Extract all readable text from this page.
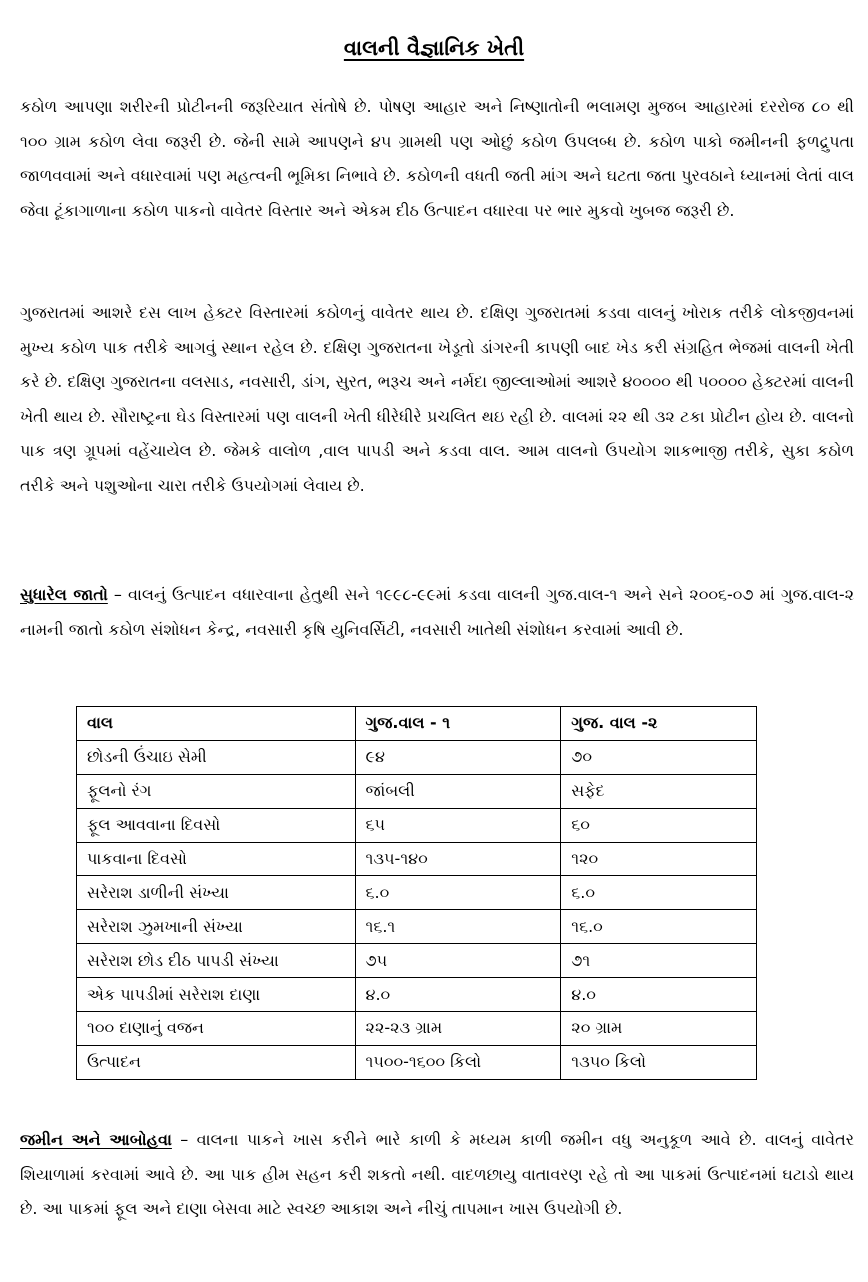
વાલની વૈજ્ઞાનિક ખેતી

કઠોળ આપણા શરીરની પ્રોટીનની જરૂરિયાત સંતોષે છે. પોષણ આહાર અને નિષ્ણાતોની ભલામણ મુજબ આહારમાં દરરોજ ૮૦ થી ૧૦૦ ગ્રામ કઠોળ લેવા જરૂરી છે. જેની સામે આપણને ૪૫ ગ્રામથી પણ ઓછું કઠોળ ઉપલબ્ધ છે. કઠોળ પાકો જમીનની ફળદ્રુપતા જાળવવામાં અને વધારવામાં પણ મહત્વની ભૂમિકા નિભાવે છે. કઠોળની વધતી જતી માંગ અને ઘટતા જતા પુરવઠાને ધ્યાનમાં લેતાં વાલ જેવા ટૂંકાગાળાના કઠોળ પાકનો વાવેતર વિસ્તાર અને એકમ દીઠ ઉત્પાદન વધારવા પર ભાર મુકવો ખુબજ જરૂરી છે.

ગુજરાતમાં આશરે દસ લાખ હેક્ટર વિસ્તારમાં કઠોળનું વાવેતર થાય છે. દક્ષિણ ગુજરાતમાં કડવા વાલનું ખોરાક તરીકે લોકજીવનમાં મુખ્ય કઠોળ પાક તરીકે આગવું સ્થાન રહેલ છે. દક્ષિણ ગુજરાતના ખેડૂતો ડાંગરની કાપણી બાદ ખેડ કરી સંગ્રહિત ભેજમાં વાલની ખેતી કરે છે. દક્ષિણ ગુજરાતના વલસાડ, નવસારી, ડાંગ, સુરત, ભરૂચ અને નર્મદા જીલ્લાઓમાં આશરે ૪૦૦૦૦ થી ૫૦૦૦૦ હેક્ટરમાં વાલની ખેતી થાય છે. સૌરાષ્ટ્રના ઘેડ વિસ્તારમાં પણ વાલની ખેતી ધીરેધીરે પ્રચલિત થઇ રહી છે. વાલમાં ૨૨ થી ૩૨ ટકા પ્રોટીન હોય છે. વાલનો પાક ત્રણ ગ્રૂપમાં વહેંચાયેલ છે. જેમકે વાલોળ ,વાલ પાપડી અને કડવા વાલ. આમ વાલનો ઉપયોગ શાકભાજી તરીકે, સુકા કઠોળ તરીકે અને પશુઓના ચારા તરીકે ઉપયોગમાં લેવાય છે.

સુધારેલ જાતો – વાલનું ઉત્પાદન વધારવાના હેતુથી સને ૧૯૯૮-૯૯માં કડવા વાલની ગુજ.વાલ-૧ અને સને ૨૦૦૬-૦૭ માં ગુજ.વાલ-૨ નામની જાતો કઠોળ સંશોધન કેન્દ્ર, નવસારી કૃષિ યુનિવર્સિટી, નવસારી ખાતેથી સંશોધન કરવામાં આવી છે.

વાલ	ગુજ.વાલ - ૧	ગુજ. વાલ -૨
છોડની ઉંચાઇ સેમી	૯૪	૭૦
ફૂલનો રંગ	જાંબલી	સફેદ
ફૂલ આવવાના દિવસો	૬૫	૬૦
પાકવાના દિવસો	૧૩૫-૧૪૦	૧૨૦
સરેરાશ ડાળીની સંખ્યા	૬.૦	૬.૦
સરેરાશ ઝુમખાની સંખ્યા	૧૬.૧	૧૬.૦
સરેરાશ છોડ દીઠ પાપડી સંખ્યા	૭૫	૭૧
એક પાપડીમાં સરેરાશ દાણા	૪.૦	૪.૦
૧૦૦ દાણાનું વજન	૨૨-૨૩ ગ્રામ	૨૦ ગ્રામ
ઉત્પાદન	૧૫૦૦-૧૬૦૦ કિલો	૧૩૫૦ કિલો

જમીન અને આબોહવા – વાલના પાકને ખાસ કરીને ભારે કાળી કે મધ્યમ કાળી જમીન વધુ અનુકૂળ આવે છે. વાલનું વાવેતર શિયાળામાં કરવામાં આવે છે. આ પાક હીમ સહન કરી શકતો નથી. વાદળછાયુ વાતાવરણ રહે તો આ પાકમાં ઉત્પાદનમાં ઘટાડો થાય છે. આ પાકમાં ફૂલ અને દાણા બેસવા માટે સ્વચ્છ આકાશ અને નીચું તાપમાન ખાસ ઉપયોગી છે.
